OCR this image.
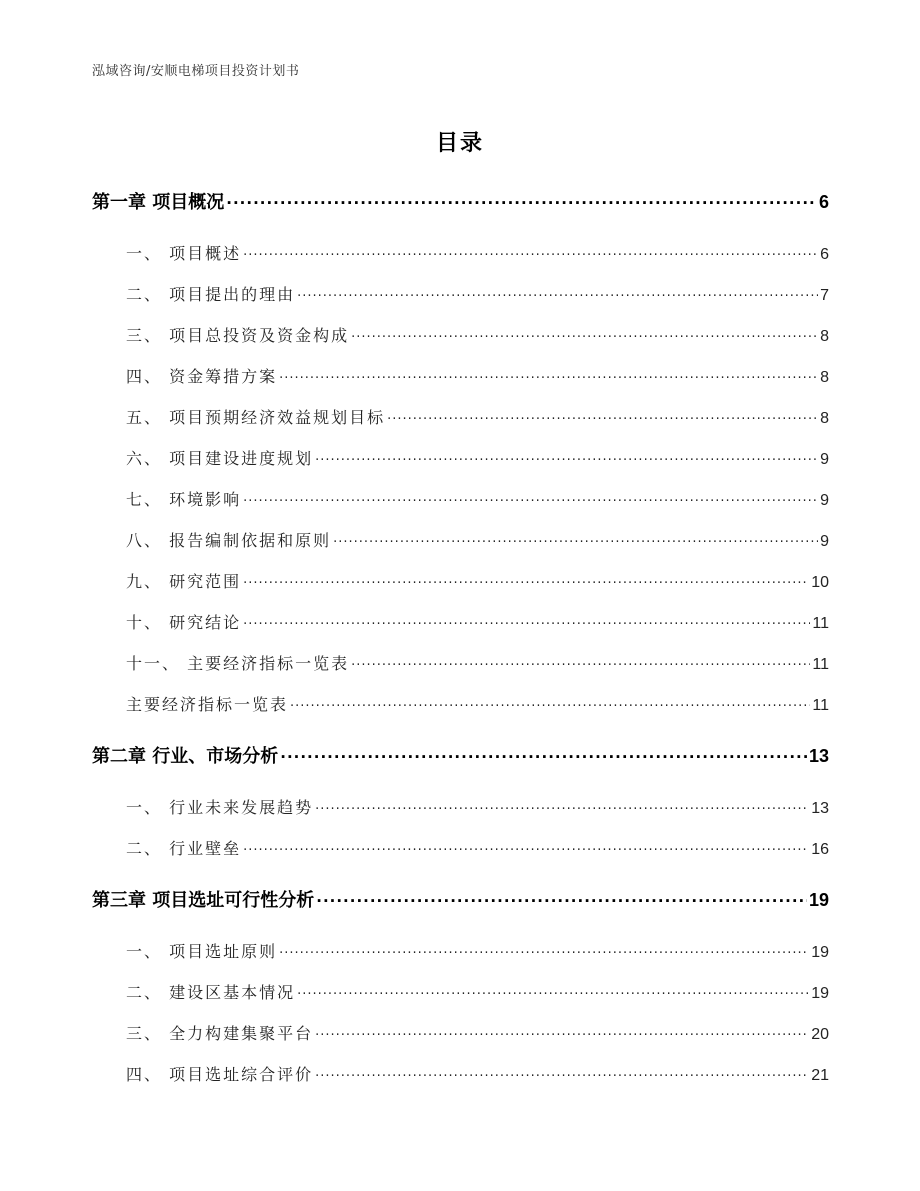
泓域咨询/安顺电梯项目投资计划书
目录
第一章 项目概况 .....	6
一、 项目概述 .....	6
二、 项目提出的理由 .....	7
三、 项目总投资及资金构成 .....	8
四、 资金筹措方案 .....	8
五、 项目预期经济效益规划目标 .....	8
六、 项目建设进度规划 .....	9
七、 环境影响 .....	9
八、 报告编制依据和原则 .....	9
九、 研究范围 .....	10
十、 研究结论 .....	11
十一、 主要经济指标一览表 .....	11
主要经济指标一览表 .....	11
第二章 行业、市场分析 .....	13
一、 行业未来发展趋势 .....	13
二、 行业壁垒 .....	16
第三章 项目选址可行性分析 .....	19
一、 项目选址原则 .....	19
二、 建设区基本情况 .....	19
三、 全力构建集聚平台 .....	20
四、 项目选址综合评价 .....	21
